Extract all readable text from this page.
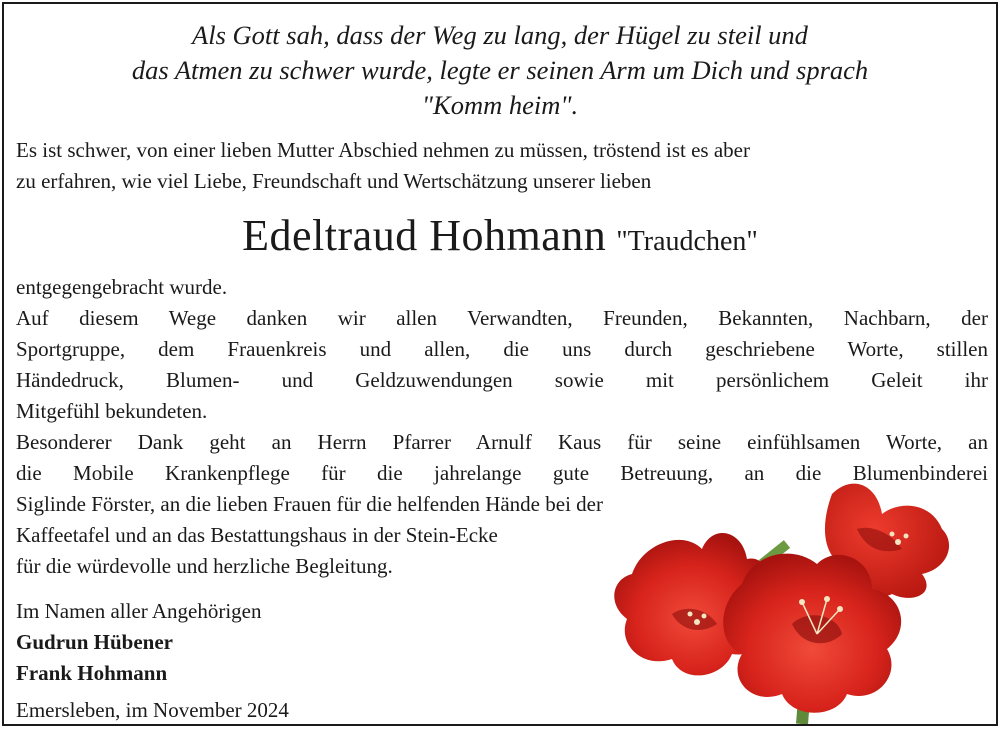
Als Gott sah, dass der Weg zu lang, der Hügel zu steil und
das Atmen zu schwer wurde, legte er seinen Arm um Dich und sprach
"Komm heim".
Es ist schwer, von einer lieben Mutter Abschied nehmen zu müssen, tröstend ist es aber
zu erfahren, wie viel Liebe, Freundschaft und Wertschätzung unserer lieben
Edeltraud Hohmann "Traudchen"
entgegengebracht wurde.
Auf diesem Wege danken wir allen Verwandten, Freunden, Bekannten, Nachbarn, der
Sportgruppe, dem Frauenkreis und allen, die uns durch geschriebene Worte, stillen
Händedruck, Blumen- und Geldzuwendungen sowie mit persönlichem Geleit ihr
Mitgefühl bekundeten.
Besonderer Dank geht an Herrn Pfarrer Arnulf Kaus für seine einfühlsamen Worte, an
die Mobile Krankenpflege für die jahrelange gute Betreuung, an die Blumenbinderei
Siglinde Förster, an die lieben Frauen für die helfenden Hände bei der
Kaffeetafel und an das Bestattungshaus in der Stein-Ecke
für die würdevolle und herzliche Begleitung.
Im Namen aller Angehörigen
Gudrun Hübener
Frank Hohmann
Emersleben, im November 2024
